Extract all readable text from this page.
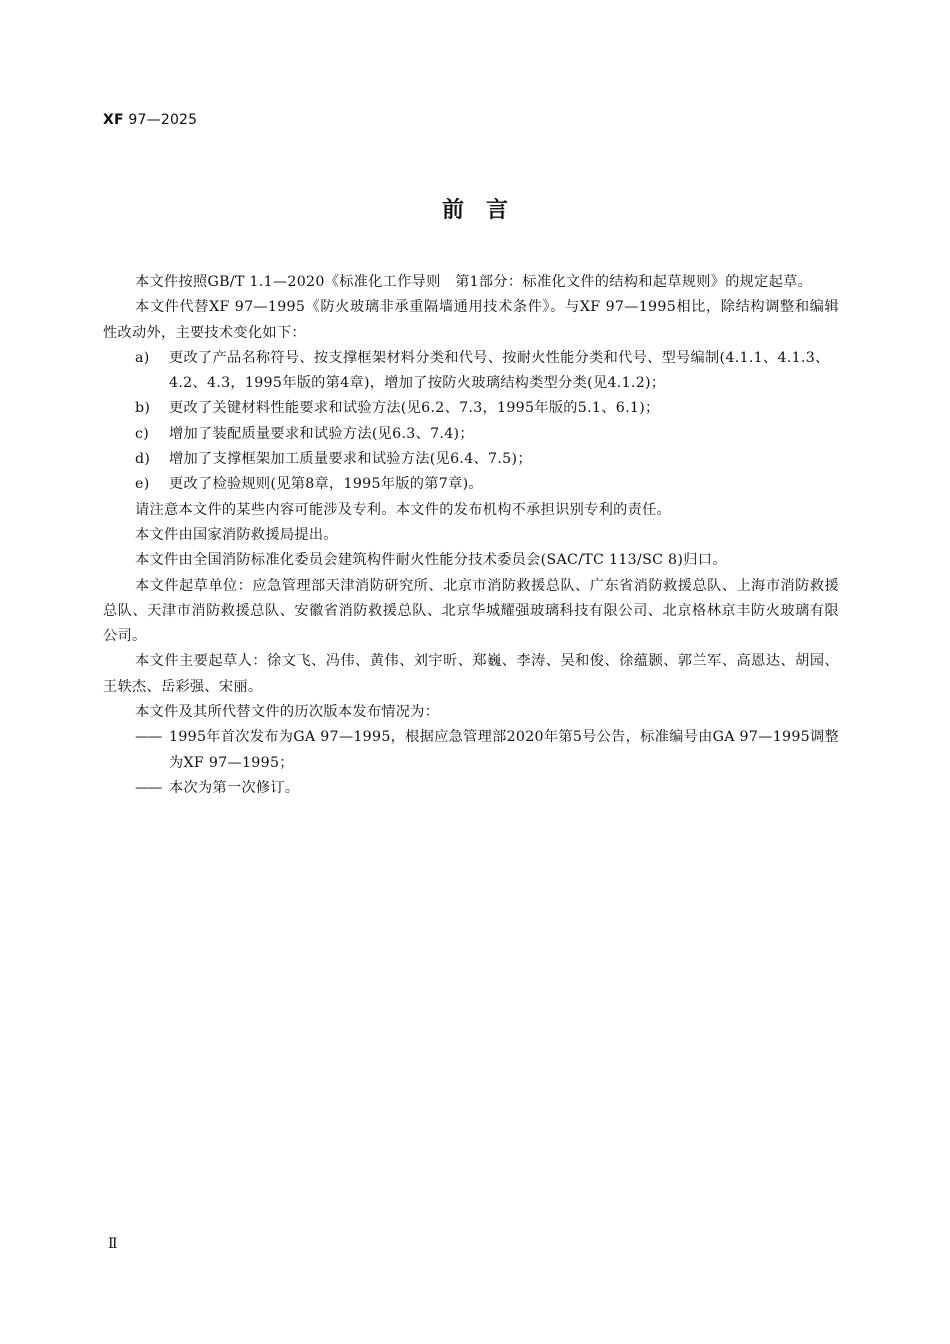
XF 97—2025
前　言

本文件按照GB/T 1.1—2020《标准化工作导则　第1部分：标准化文件的结构和起草规则》的规定起草。

本文件代替XF 97—1995《防火玻璃非承重隔墙通用技术条件》。与XF 97—1995相比，除结构调整和编辑性改动外，主要技术变化如下：

a) 更改了产品名称符号、按支撑框架材料分类和代号、按耐火性能分类和代号、型号编制(4.1.1、4.1.3、4.2、4.3，1995年版的第4章)，增加了按防火玻璃结构类型分类(见4.1.2)；

b) 更改了关键材料性能要求和试验方法(见6.2、7.3，1995年版的5.1、6.1)；

c) 增加了装配质量要求和试验方法(见6.3、7.4)；

d) 增加了支撑框架加工质量要求和试验方法(见6.4、7.5)；

e) 更改了检验规则(见第8章，1995年版的第7章)。

请注意本文件的某些内容可能涉及专利。本文件的发布机构不承担识别专利的责任。

本文件由国家消防救援局提出。

本文件由全国消防标准化委员会建筑构件耐火性能分技术委员会(SAC/TC 113/SC 8)归口。

本文件起草单位：应急管理部天津消防研究所、北京市消防救援总队、广东省消防救援总队、上海市消防救援总队、天津市消防救援总队、安徽省消防救援总队、北京华城耀强玻璃科技有限公司、北京格林京丰防火玻璃有限公司。

本文件主要起草人：徐文飞、冯伟、黄伟、刘宇昕、郑巍、李涛、吴和俊、徐蕴颢、郭兰军、高恩达、胡园、王轶杰、岳彩强、宋丽。

本文件及其所代替文件的历次版本发布情况为：

—— 1995年首次发布为GA 97—1995，根据应急管理部2020年第5号公告，标准编号由GA 97—1995调整为XF 97—1995；

—— 本次为第一次修订。

Ⅱ
